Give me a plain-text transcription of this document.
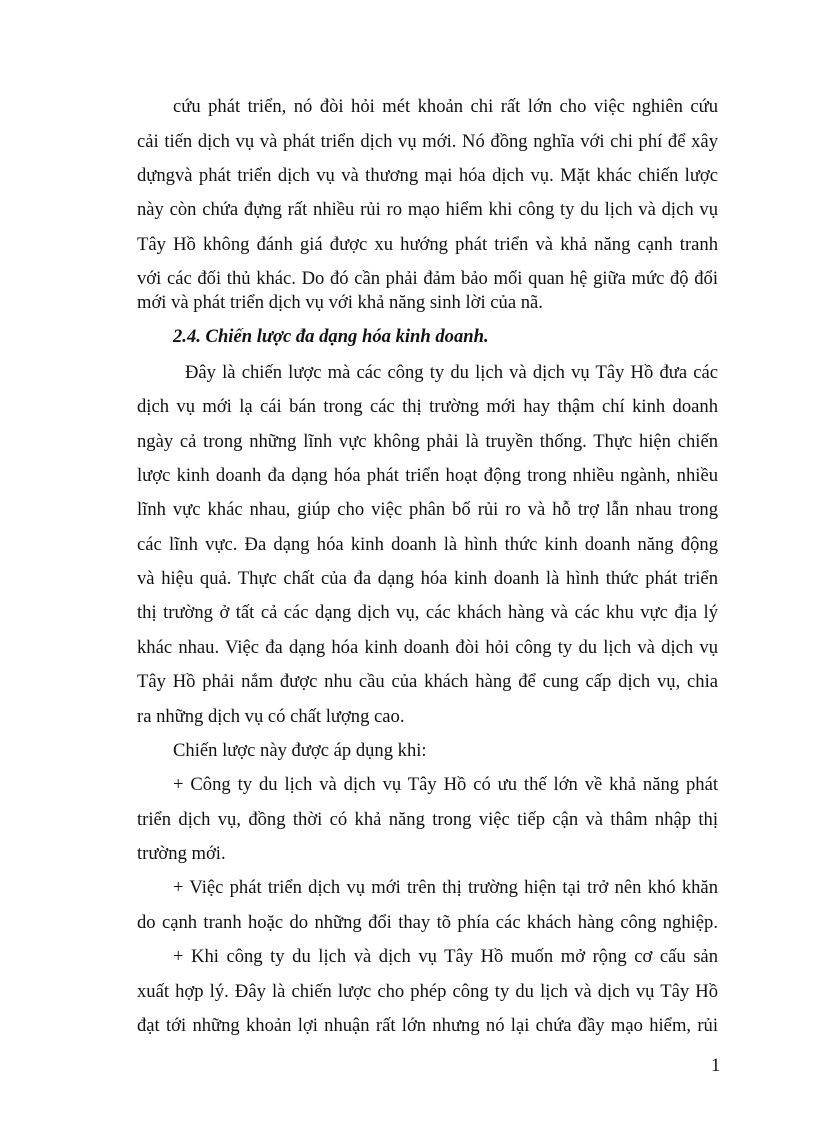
cứu phát triển, nó đòi hỏi mét khoản chi rất lớn cho việc nghiên cứu
cải tiến dịch vụ và phát triển dịch vụ mới. Nó đồng nghĩa với chi phí để xây
dựngvà phát triển dịch vụ và thương mại hóa dịch vụ. Mặt khác chiến lược
này còn chứa đựng rất nhiều rủi ro mạo hiểm khi công ty du lịch và dịch vụ
Tây Hồ không đánh giá được xu hướng phát triển và khả năng cạnh tranh
với các đối thủ khác. Do đó cần phải đảm bảo mối quan hệ giữa mức độ đổi
mới và phát triển dịch vụ với khả năng sinh lời của nã.
2.4. Chiến lược đa dạng hóa kinh doanh.
Đây là chiến lược mà các công ty du lịch và dịch vụ Tây Hồ đưa các
dịch vụ mới lạ cái bán trong các thị trường mới hay thậm chí kinh doanh
ngày cả trong những lĩnh vực không phải là truyền thống. Thực hiện chiến
lược kinh doanh đa dạng hóa phát triển hoạt động trong nhiều ngành, nhiều
lĩnh vực khác nhau, giúp cho việc phân bố rủi ro và hỗ trợ lẫn nhau trong
các lĩnh vực. Đa dạng hóa kinh doanh là hình thức kinh doanh năng động
và hiệu quả. Thực chất của đa dạng hóa kinh doanh là hình thức phát triển
thị trường ở tất cả các dạng dịch vụ, các khách hàng và các khu vực địa lý
khác nhau. Việc đa dạng hóa kinh doanh đòi hỏi công ty du lịch và dịch vụ
Tây Hồ phải nắm được nhu cầu của khách hàng để cung cấp dịch vụ, chia
ra những dịch vụ có chất lượng cao.
Chiến lược này được áp dụng khi:
+ Công ty du lịch và dịch vụ Tây Hồ có ưu thế lớn về khả năng phát
triển dịch vụ, đồng thời có khả năng trong việc tiếp cận và thâm nhập thị
trường mới.
+ Việc phát triển dịch vụ mới trên thị trường hiện tại trở nên khó khăn
do cạnh tranh hoặc do những đổi thay tõ phía các khách hàng công nghiệp.
+ Khi công ty du lịch và dịch vụ Tây Hồ muốn mở rộng cơ cấu sản
xuất hợp lý. Đây là chiến lược cho phép công ty du lịch và dịch vụ Tây Hồ
đạt tới những khoản lợi nhuận rất lớn nhưng nó lại chứa đầy mạo hiểm, rủi
1
